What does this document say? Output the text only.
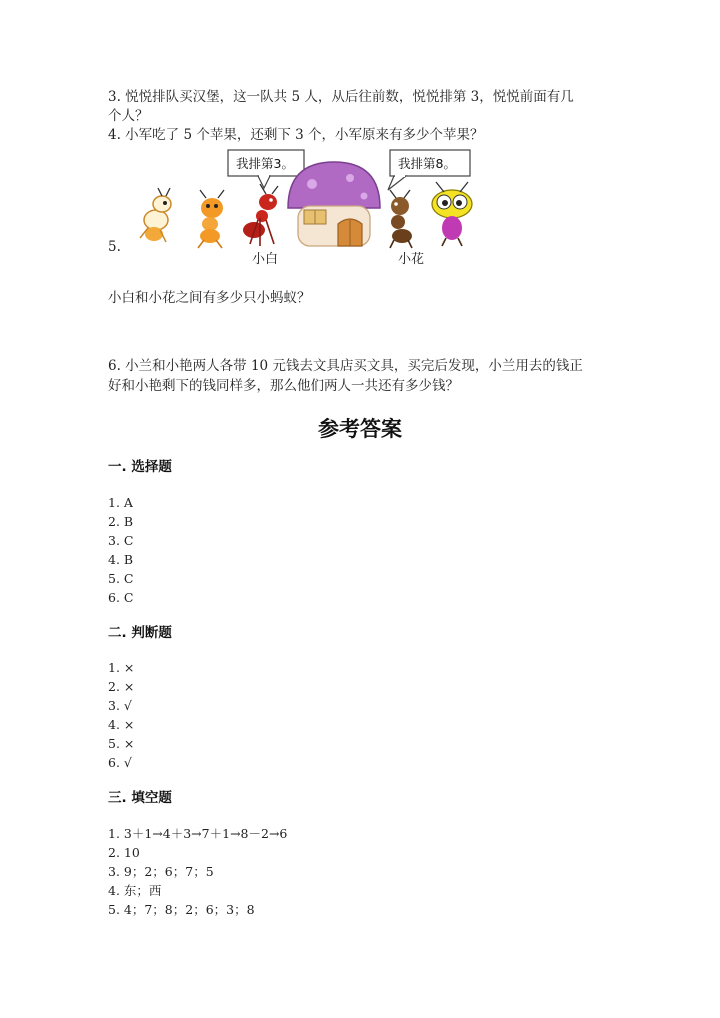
3. 悦悦排队买汉堡，这一队共 5 人，从后往前数，悦悦排第 3，悦悦前面有几
个人？
4. 小军吃了 5 个苹果，还剩下 3 个，小军原来有多少个苹果？
5.
我排第3。	我排第8。
小白	小花
小白和小花之间有多少只小蚂蚁？
6. 小兰和小艳两人各带 10 元钱去文具店买文具，买完后发现，小兰用去的钱正
好和小艳剩下的钱同样多，那么他们两人一共还有多少钱？
参考答案
一. 选择题
1. A
2. B
3. C
4. B
5. C
6. C
二. 判断题
1. ×
2. ×
3. √
4. ×
5. ×
6. √
三. 填空题
1. 3＋1→4＋3→7＋1→8－2→6
2. 10
3. 9；2；6；7；5
4. 东；西
5. 4；7；8；2；6；3；8
